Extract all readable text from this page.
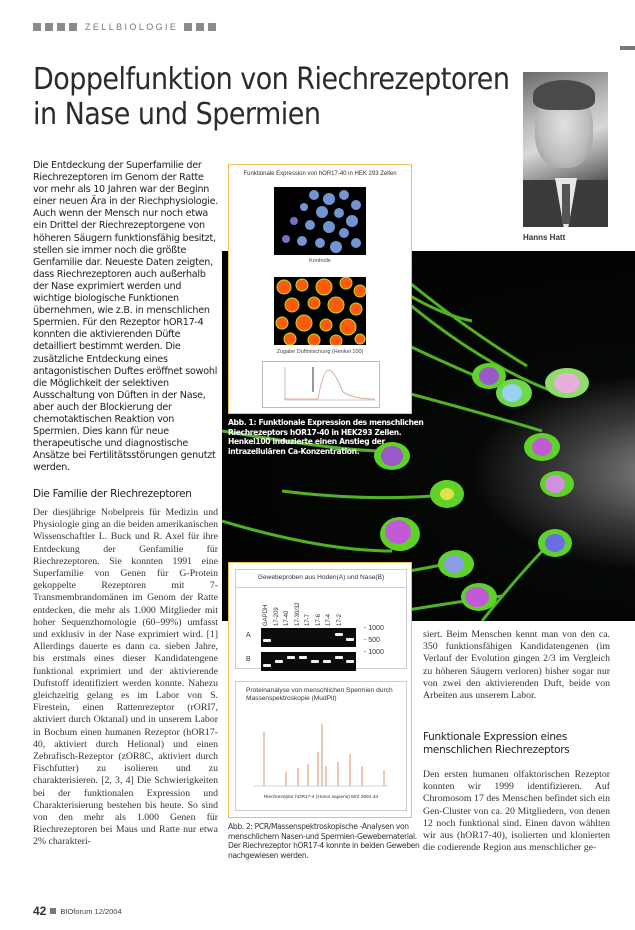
ZELLBIOLOGIE
Doppelfunktion von Riechrezeptoren
in Nase und Spermien
Hanns Hatt

Die Entdeckung der Superfamilie der Riechrezeptoren im Genom der Ratte vor mehr als 10 Jahren war der Beginn einer neuen Ära in der Riechphysiologie. Auch wenn der Mensch nur noch etwa ein Drittel der Riechrezeptorgene von höheren Säugern funktionsfähig besitzt, stellen sie immer noch die größte Genfamilie dar. Neueste Daten zeigten, dass Riechrezeptoren auch außerhalb der Nase exprimiert werden und wichtige biologische Funktionen übernehmen, wie z.B. in menschlichen Spermien. Für den Rezeptor hOR17-4 konnten die aktivierenden Düfte detailliert bestimmt werden. Die zusätzliche Entdeckung eines antagonistischen Duftes eröffnet sowohl die Möglichkeit der selektiven Ausschaltung von Düften in der Nase, aber auch der Blockierung der chemotaktischen Reaktion von Spermien. Dies kann für neue therapeutische und diagnostische Ansätze bei Fertilitätsstörungen genutzt werden.

Die Familie der Riechrezeptoren

Der diesjährige Nobelpreis für Medizin und Physiologie ging an die beiden amerikanischen Wissenschaftler L. Buck und R. Axel für ihre Entdeckung der Genfamilie für Riechrezeptoren. Sie konnten 1991 eine Superfamilie von Genen für G-Protein gekoppelte Rezeptoren mit 7-Transmembrandomänen im Genom der Ratte entdecken, die mehr als 1.000 Mitglieder mit hoher Sequenzhomologie (60–99%) umfasst und exklusiv in der Nase exprimiert wird. [1] Allerdings dauerte es dann ca. sieben Jahre, bis erstmals eines dieser Kandidatengene funktional exprimiert und der aktivierende Duftstoff identifiziert werden konnte. Nahezu gleichzeitig gelang es im Labor von S. Firestein, einen Rattenrezeptor (rORI7, aktiviert durch Oktanal) und in unserem Labor in Bochum einen humanen Rezeptor (hOR17-40, aktiviert durch Helional) und einen Zebrafisch-Rezeptor (zOR8C, aktiviert durch Fischfutter) zu isolieren und zu charakterisieren. [2, 3, 4] Die Schwierigkeiten bei der funktionalen Expression und Charakterisierung bestehen bis heute. So sind von den mehr als 1.000 Genen für Riechrezeptoren bei Maus und Ratte nur etwa 2% charakteri-

Funktionale Expression von hOR17-40 in HEK 293 Zellen
Kontrolle
Zugabe Duftmischung (Henkel 100)

Abb. 1: Funktionale Expression des menschlichen Riechrezeptors hOR17-40 in HEK293 Zellen. Henkel100 induzierte einen Anstieg der intrazellulären Ca-Konzentration.

Gewebeproben aus Hoden(A) und Nase(B)
GAPDH 17-209 17-40 17-30/32 17-7 17-6 17-4 17-2
A
- 1000
- 500
B
- 1000
Proteinanalyse von menschlichen Spermien durch Massenspektroskopie (MudPit)
Riechrezeptor hOR17-4 (Homo sapiens) M/Z 2694.34

Abb. 2: PCR/Massenspektroskopische -Analysen von menschlichem Nasen-und Spermien-Gewebematerial. Der Riechrezeptor hOR17-4 konnte in beiden Geweben nachgewiesen werden.

siert. Beim Menschen kennt man von den ca. 350 funktionsfähigen Kandidatengenen (im Verlauf der Evolution gingen 2/3 im Vergleich zu höheren Säugern verloren) bisher sogar nur von zwei den aktivierenden Duft, beide von Arbeiten aus unserem Labor.

Funktionale Expression eines menschlichen Riechrezeptors

Den ersten humanen olfaktorischen Rezeptor konnten wir 1999 identifizieren. Auf Chromosom 17 des Menschen befindet sich ein Gen-Cluster von ca. 20 Mitgliedern, von denen 12 noch funktional sind. Einen davon wählten wir aus (hOR17-40), isolierten und klonierten die codierende Region aus menschlicher ge-

42 BIOforum 12/2004
